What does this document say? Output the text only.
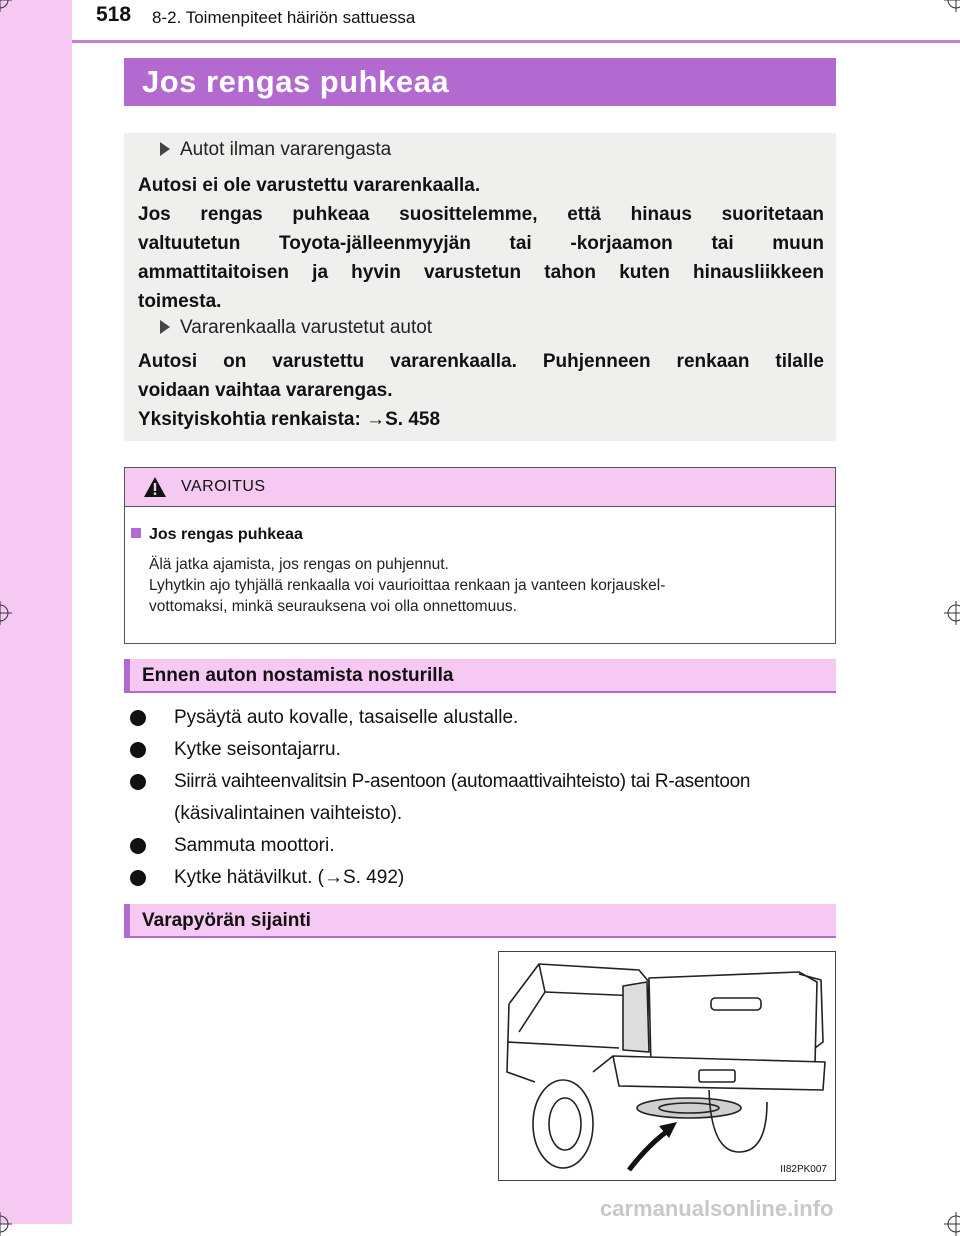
518 8-2. Toimenpiteet häiriön sattuessa
Jos rengas puhkeaa
Autot ilman vararengasta
Autosi ei ole varustettu vararenkaalla.
Jos rengas puhkeaa suosittelemme, että hinaus suoritetaan
valtuutetun Toyota-jälleenmyyjän tai -korjaamon tai muun
ammattitaitoisen ja hyvin varustetun tahon kuten hinausliikkeen
toimesta.
Vararenkaalla varustetut autot
Autosi on varustettu vararenkaalla. Puhjenneen renkaan tilalle
voidaan vaihtaa vararengas.
Yksityiskohtia renkaista: →S. 458
VAROITUS
Jos rengas puhkeaa
Älä jatka ajamista, jos rengas on puhjennut.
Lyhytkin ajo tyhjällä renkaalla voi vaurioittaa renkaan ja vanteen korjauskel-
vottomaksi, minkä seurauksena voi olla onnettomuus.
Ennen auton nostamista nosturilla
Pysäytä auto kovalle, tasaiselle alustalle.
Kytke seisontajarru.
Siirrä vaihteenvalitsin P-asentoon (automaattivaihteisto) tai R-asentoon
(käsivalintainen vaihteisto).
Sammuta moottori.
Kytke hätävilkut. (→S. 492)
Varapyörän sijainti
II82PK007
carmanualsonline.info
